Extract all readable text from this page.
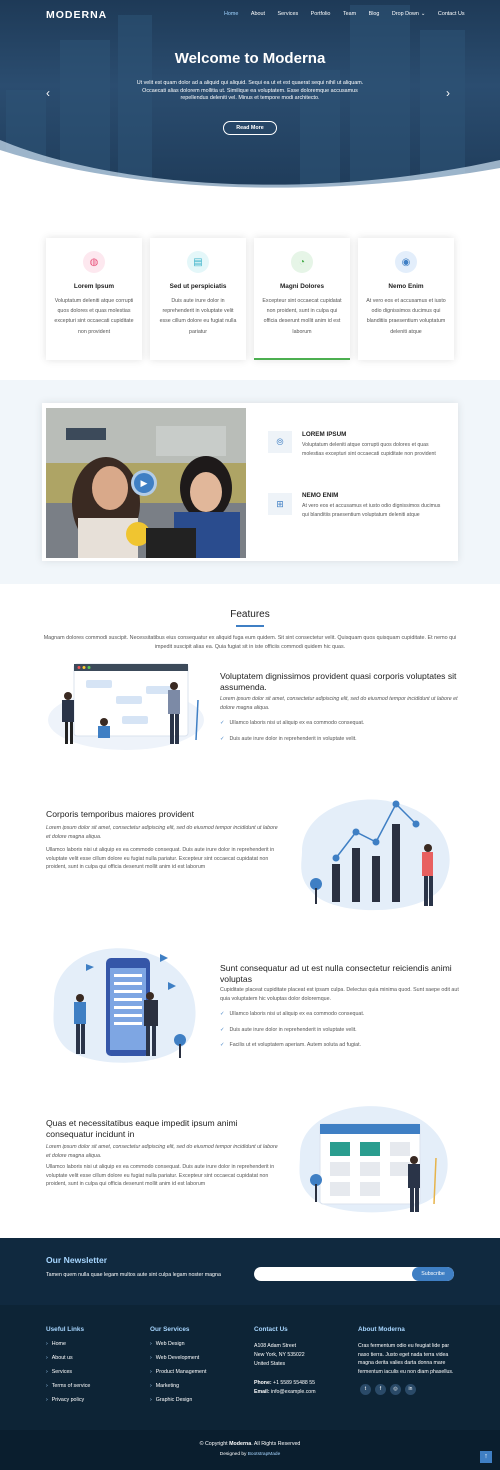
MODERNA	Home About Services Portfolio Team Blog Drop Down ⌄ Contact Us
Welcome to Moderna
Ut velit est quam dolor ad a aliquid qui aliquid. Sequi ea ut et est quaerat sequi nihil ut aliquam. Occaecati alias dolorem mollitia ut. Similique ea voluptatem. Esse doloremque accusamus repellendus deleniti vel. Minus et tempore modi architecto.
Read More
‹	›
◍
Lorem Ipsum
Voluptatum deleniti atque corrupti quos dolores et quas molestias excepturi sint occaecati cupiditate non provident
▤
Sed ut perspiciatis
Duis aute irure dolor in reprehenderit in voluptate velit esse cillum dolore eu fugiat nulla pariatur
◔
Magni Dolores
Excepteur sint occaecat cupidatat non proident, sunt in culpa qui officia deserunt mollit anim id est laborum
◉
Nemo Enim
At vero eos et accusamus et iusto odio dignissimos ducimus qui blanditiis praesentium voluptatum deleniti atque
▶
⦾
LOREM IPSUM
Voluptatum deleniti atque corrupti quos dolores et quas molestias excepturi sint occaecati cupiditate non provident
⊞
NEMO ENIM
At vero eos et accusamus et iusto odio dignissimos ducimus qui blanditiis praesentium voluptatum deleniti atque
Features
Magnam dolores commodi suscipit. Necessitatibus eius consequatur ex aliquid fuga eum quidem. Sit sint consectetur velit. Quisquam quos quisquam cupiditate. Et nemo qui impedit suscipit alias ea. Quia fugiat sit in iste officiis commodi quidem hic quas.
Voluptatem dignissimos provident quasi corporis voluptates sit assumenda.
Lorem ipsum dolor sit amet, consectetur adipiscing elit, sed do eiusmod tempor incididunt ut labore et dolore magna aliqua.
✓ Ullamco laboris nisi ut aliquip ex ea commodo consequat.
✓ Duis aute irure dolor in reprehenderit in voluptate velit.
Corporis temporibus maiores provident
Lorem ipsum dolor sit amet, consectetur adipiscing elit, sed do eiusmod tempor incididunt ut labore et dolore magna aliqua.
Ullamco laboris nisi ut aliquip ex ea commodo consequat. Duis aute irure dolor in reprehenderit in voluptate velit esse cillum dolore eu fugiat nulla pariatur. Excepteur sint occaecat cupidatat non proident, sunt in culpa qui officia deserunt mollit anim id est laborum
Sunt consequatur ad ut est nulla consectetur reiciendis animi voluptas
Cupiditate placeat cupiditate placeat est ipsam culpa. Delectus quia minima quod. Sunt saepe odit aut quia voluptatem hic voluptas dolor doloremque.
✓ Ullamco laboris nisi ut aliquip ex ea commodo consequat.
✓ Duis aute irure dolor in reprehenderit in voluptate velit.
✓ Facilis ut et voluptatem aperiam. Autem soluta ad fugiat.
Quas et necessitatibus eaque impedit ipsum animi consequatur incidunt in
Lorem ipsum dolor sit amet, consectetur adipiscing elit, sed do eiusmod tempor incididunt ut labore et dolore magna aliqua.
Ullamco laboris nisi ut aliquip ex ea commodo consequat. Duis aute irure dolor in reprehenderit in voluptate velit esse cillum dolore eu fugiat nulla pariatur. Excepteur sint occaecat cupidatat non proident, sunt in culpa qui officia deserunt mollit anim id est laborum
Our Newsletter
Tamen quem nulla quae legam multos aute sint culpa legam noster magna	Subscribe
Useful Links
› Home
› About us
› Services
› Terms of service
› Privacy policy
Our Services
› Web Design
› Web Development
› Product Management
› Marketing
› Graphic Design
Contact Us
A108 Adam Street
New York, NY 535022
United States
Phone: +1 5589 55488 55
Email: info@example.com
About Moderna
Cras fermentum odio eu feugiat lide par naso tierra. Justo eget nada terra videa magna derita valies darta donna mare fermentum iaculis eu non diam phasellus.
t	f	◎	in
© Copyright Moderna. All Rights Reserved
Designed by BootstrapMade	↑
